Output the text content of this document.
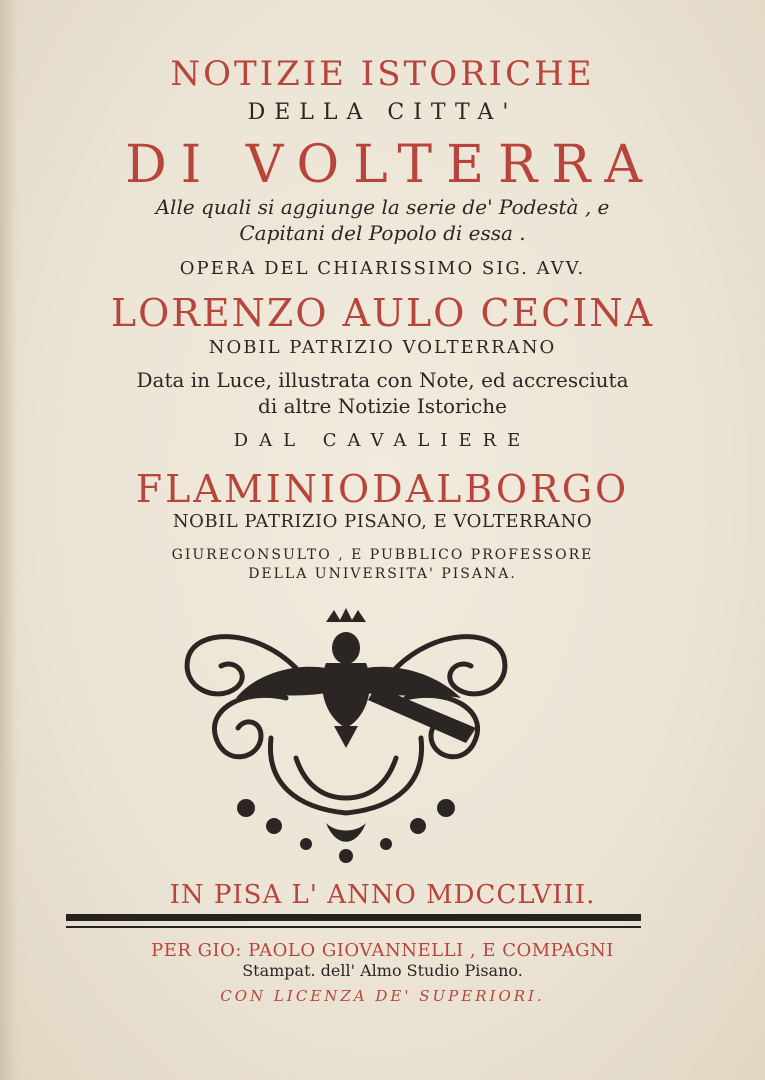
NOTIZIE ISTORICHE

DELLA CITTA'

DI VOLTERRA

Alle quali si aggiunge la serie de' Podestà , e

Capitani del Popolo di essa .

OPERA DEL CHIARISSIMO SIG. AVV.

LORENZO AULO CECINA

NOBIL PATRIZIO VOLTERRANO

Data in Luce, illustrata con Note, ed accresciuta

di altre Notizie Istoriche

DAL CAVALIERE

FLAMINIODALBORGO

NOBIL PATRIZIO PISANO, E VOLTERRANO

GIURECONSULTO , E PUBBLICO PROFESSORE

DELLA UNIVERSITA' PISANA.

IN PISA L' ANNO MDCCLVIII.

PER GIO: PAOLO GIOVANNELLI , E COMPAGNI

Stampat. dell' Almo Studio Pisano.

CON LICENZA DE' SUPERIORI.
